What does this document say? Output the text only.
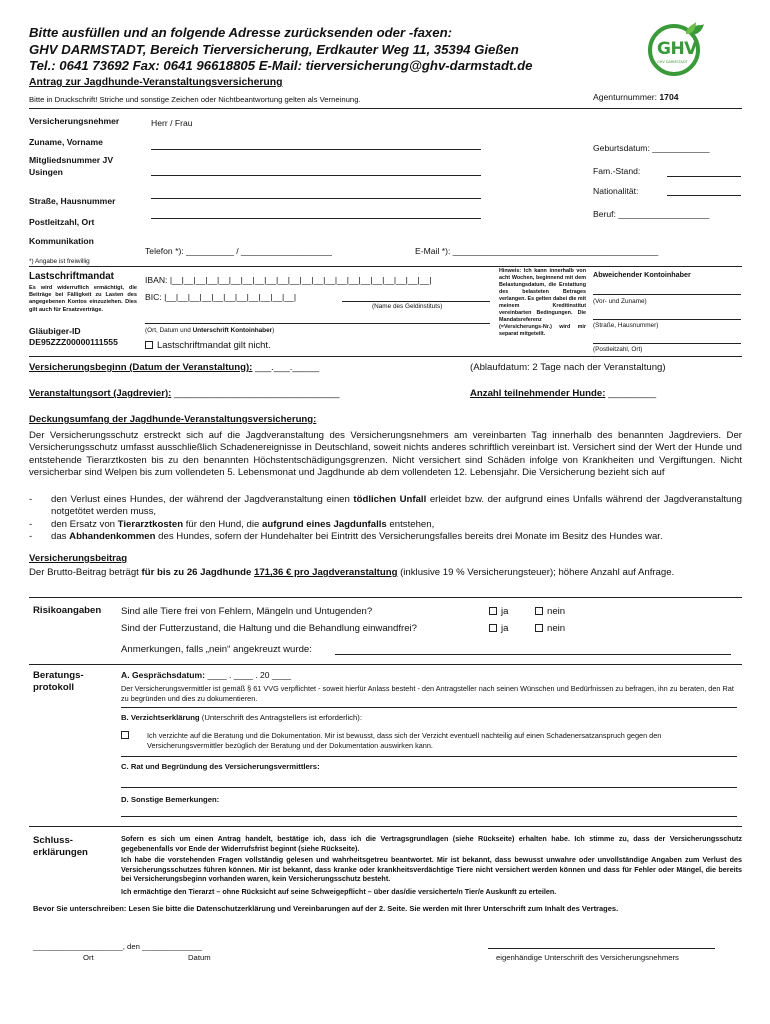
Bitte ausfüllen und an folgende Adresse zurücksenden oder -faxen:
GHV DARMSTADT, Bereich Tierversicherung, Erdkauter Weg 11, 35394 Gießen
Tel.: 0641 73692 Fax: 0641 96618805 E-Mail: tierversicherung@ghv-darmstadt.de
GHV
GHV DARMSTADT
Antrag zur Jagdhunde-Veranstaltungsversicherung
Bitte in Druckschrift! Striche und sonstige Zeichen oder Nichtbeantwortung gelten als Verneinung.	Agenturnummer: 1704
Versicherungsnehmer	Herr / Frau
Zuname, Vorname
Mitgliedsnummer JV
Usingen
Straße, Hausnummer
Postleitzahl, Ort
Geburtsdatum: ____________
Fam.-Stand:
Nationalität:
Beruf: ___________________
Kommunikation
Telefon *): __________ / ___________________	E-Mail *): ___________________________________________
*) Angabe ist freiwillig
Lastschriftmandat
Es wird widerruflich ermächtigt, die Beiträge bei Fälligkeit zu Lasten des angegebenen Kontos einzuziehen. Dies gilt auch für Ersatzverträge.
IBAN: |__|__|__|__|__|__|__|__|__|__|__|__|__|__|__|__|__|__|__|__|__|__|
BIC: |__|__|__|__|__|__|__|__|__|__|__|
(Name des Geldinstituts)
(Ort, Datum und Unterschrift Kontoinhaber)
Gläubiger-ID
DE95ZZZ00000111555	Lastschriftmandat gilt nicht.
Hinweis: Ich kann innerhalb von acht Wochen, beginnend mit dem Belastungsdatum, die Erstattung des belasteten Betrages verlangen. Es gelten dabei die mit meinem Kreditinstitut vereinbarten Bedingungen. Die Mandatsreferenz (=Versicherungs-Nr.) wird mir separat mitgeteilt.
Abweichender Kontoinhaber
(Vor- und Zuname)
(Straße, Hausnummer)
(Postleitzahl, Ort)
Versicherungsbeginn (Datum der Veranstaltung): ___.___._____	(Ablaufdatum: 2 Tage nach der Veranstaltung)
Veranstaltungsort (Jagdrevier): _______________________________	Anzahl teilnehmender Hunde: _________
Deckungsumfang der Jagdhunde-Veranstaltungsversicherung:
Der Versicherungsschutz erstreckt sich auf die Jagdveranstaltung des Versicherungsnehmers am vereinbarten Tag innerhalb des benannten Jagdreviers. Der Versicherungsschutz umfasst ausschließlich Schadenereignisse in Deutschland, soweit nichts anderes schriftlich vereinbart ist. Versichert sind der Wert der Hunde und entstehende Tierarztkosten bis zu den benannten Höchstentschädigungsgrenzen. Nicht versichert sind Schäden infolge von Krankheiten und Vergiftungen. Nicht versicherbar sind Welpen bis zum vollendeten 5. Lebensmonat und Jagdhunde ab dem vollendeten 12. Lebensjahr. Die Versicherung bezieht sich auf
- den Verlust eines Hundes, der während der Jagdveranstaltung einen tödlichen Unfall erleidet bzw. der aufgrund eines Unfalls während der Jagdveranstaltung notgetötet werden muss,
- den Ersatz von Tierarztkosten für den Hund, die aufgrund eines Jagdunfalls entstehen,
- das Abhandenkommen des Hundes, sofern der Hundehalter bei Eintritt des Versicherungsfalles bereits drei Monate im Besitz des Hundes war.
Versicherungsbeitrag
Der Brutto-Beitrag beträgt für bis zu 26 Jagdhunde 171,36 € pro Jagdveranstaltung (inklusive 19 % Versicherungsteuer); höhere Anzahl auf Anfrage.
Risikoangaben Sind alle Tiere frei von Fehlern, Mängeln und Untugenden?	ja	nein
Sind der Futterzustand, die Haltung und die Behandlung einwandfrei?	ja	nein
Anmerkungen, falls „nein“ angekreuzt wurde:
Beratungs-
protokoll
A. Gesprächsdatum: ____ . ____ . 20 ____
Der Versicherungsvermittler ist gemäß § 61 VVG verpflichtet - soweit hierfür Anlass besteht - den Antragsteller nach seinen Wünschen und Bedürfnissen zu befragen, ihn zu beraten, den Rat zu begründen und dies zu dokumentieren.
B. Verzichtserklärung (Unterschrift des Antragstellers ist erforderlich):
Ich verzichte auf die Beratung und die Dokumentation. Mir ist bewusst, dass sich der Verzicht eventuell nachteilig auf einen Schadenersatzanspruch gegen den Versicherungsvermittler bezüglich der Beratung und der Dokumentation auswirken kann.
C. Rat und Begründung des Versicherungsvermittlers:
D. Sonstige Bemerkungen:
Schluss-
erklärungen
Sofern es sich um einen Antrag handelt, bestätige ich, dass ich die Vertragsgrundlagen (siehe Rückseite) erhalten habe. Ich stimme zu, dass der Versicherungsschutz gegebenenfalls vor Ende der Widerrufsfrist beginnt (siehe Rückseite).
Ich habe die vorstehenden Fragen vollständig gelesen und wahrheitsgetreu beantwortet. Mir ist bekannt, dass bewusst unwahre oder unvollständige Angaben zum Verlust des Versicherungsschutzes führen können. Mir ist bekannt, dass kranke oder krankheitsverdächtige Tiere nicht versichert werden können und dass für Fehler oder Mängel, die bereits bei Versicherungsbeginn vorhanden waren, kein Versicherungsschutz besteht.
Ich ermächtige den Tierarzt – ohne Rücksicht auf seine Schweigepflicht – über das/die versicherte/n Tier/e Auskunft zu erteilen.
Bevor Sie unterschreiben: Lesen Sie bitte die Datenschutzerklärung und Vereinbarungen auf der 2. Seite. Sie werden mit Ihrer Unterschrift zum Inhalt des Vertrages.
_____________________, den ______________
Ort	Datum	eigenhändige Unterschrift des Versicherungsnehmers
